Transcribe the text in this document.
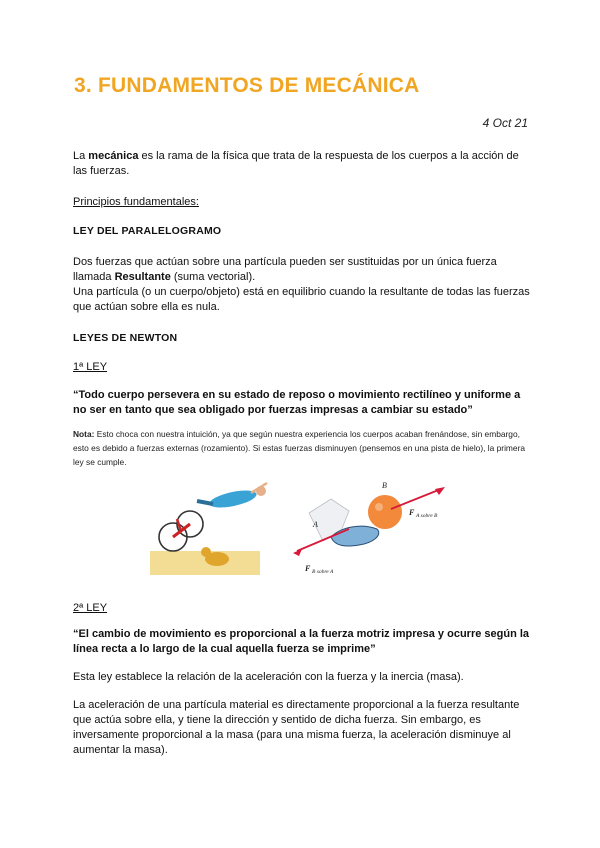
3. FUNDAMENTOS DE MECÁNICA
4 Oct 21

La mecánica es la rama de la física que trata de la respuesta de los cuerpos a la acción de las fuerzas.

Principios fundamentales:

LEY DEL PARALELOGRAMO

Dos fuerzas que actúan sobre una partícula pueden ser sustituidas por un única fuerza llamada Resultante (suma vectorial).

Una partícula (o un cuerpo/objeto) está en equilibrio cuando la resultante de todas las fuerzas que actúan sobre ella es nula.

LEYES DE NEWTON

1ª LEY

“Todo cuerpo persevera en su estado de reposo o movimiento rectilíneo y uniforme a no ser en tanto que sea obligado por fuerzas impresas a cambiar su estado”

Nota: Esto choca con nuestra intuición, ya que según nuestra experiencia los cuerpos acaban frenándose, sin embargo, esto es debido a fuerzas externas (rozamiento). Si estas fuerzas disminuyen (pensemos en una pista de hielo), la primera ley se cumple.

B
A
F A sobre B
F B sobre A

2ª LEY

“El cambio de movimiento es proporcional a la fuerza motriz impresa y ocurre según la línea recta a lo largo de la cual aquella fuerza se imprime”

Esta ley establece la relación de la aceleración con la fuerza y la inercia (masa).

La aceleración de una partícula material es directamente proporcional a la fuerza resultante que actúa sobre ella, y tiene la dirección y sentido de dicha fuerza. Sin embargo, es inversamente proporcional a la masa (para una misma fuerza, la aceleración disminuye al aumentar la masa).
